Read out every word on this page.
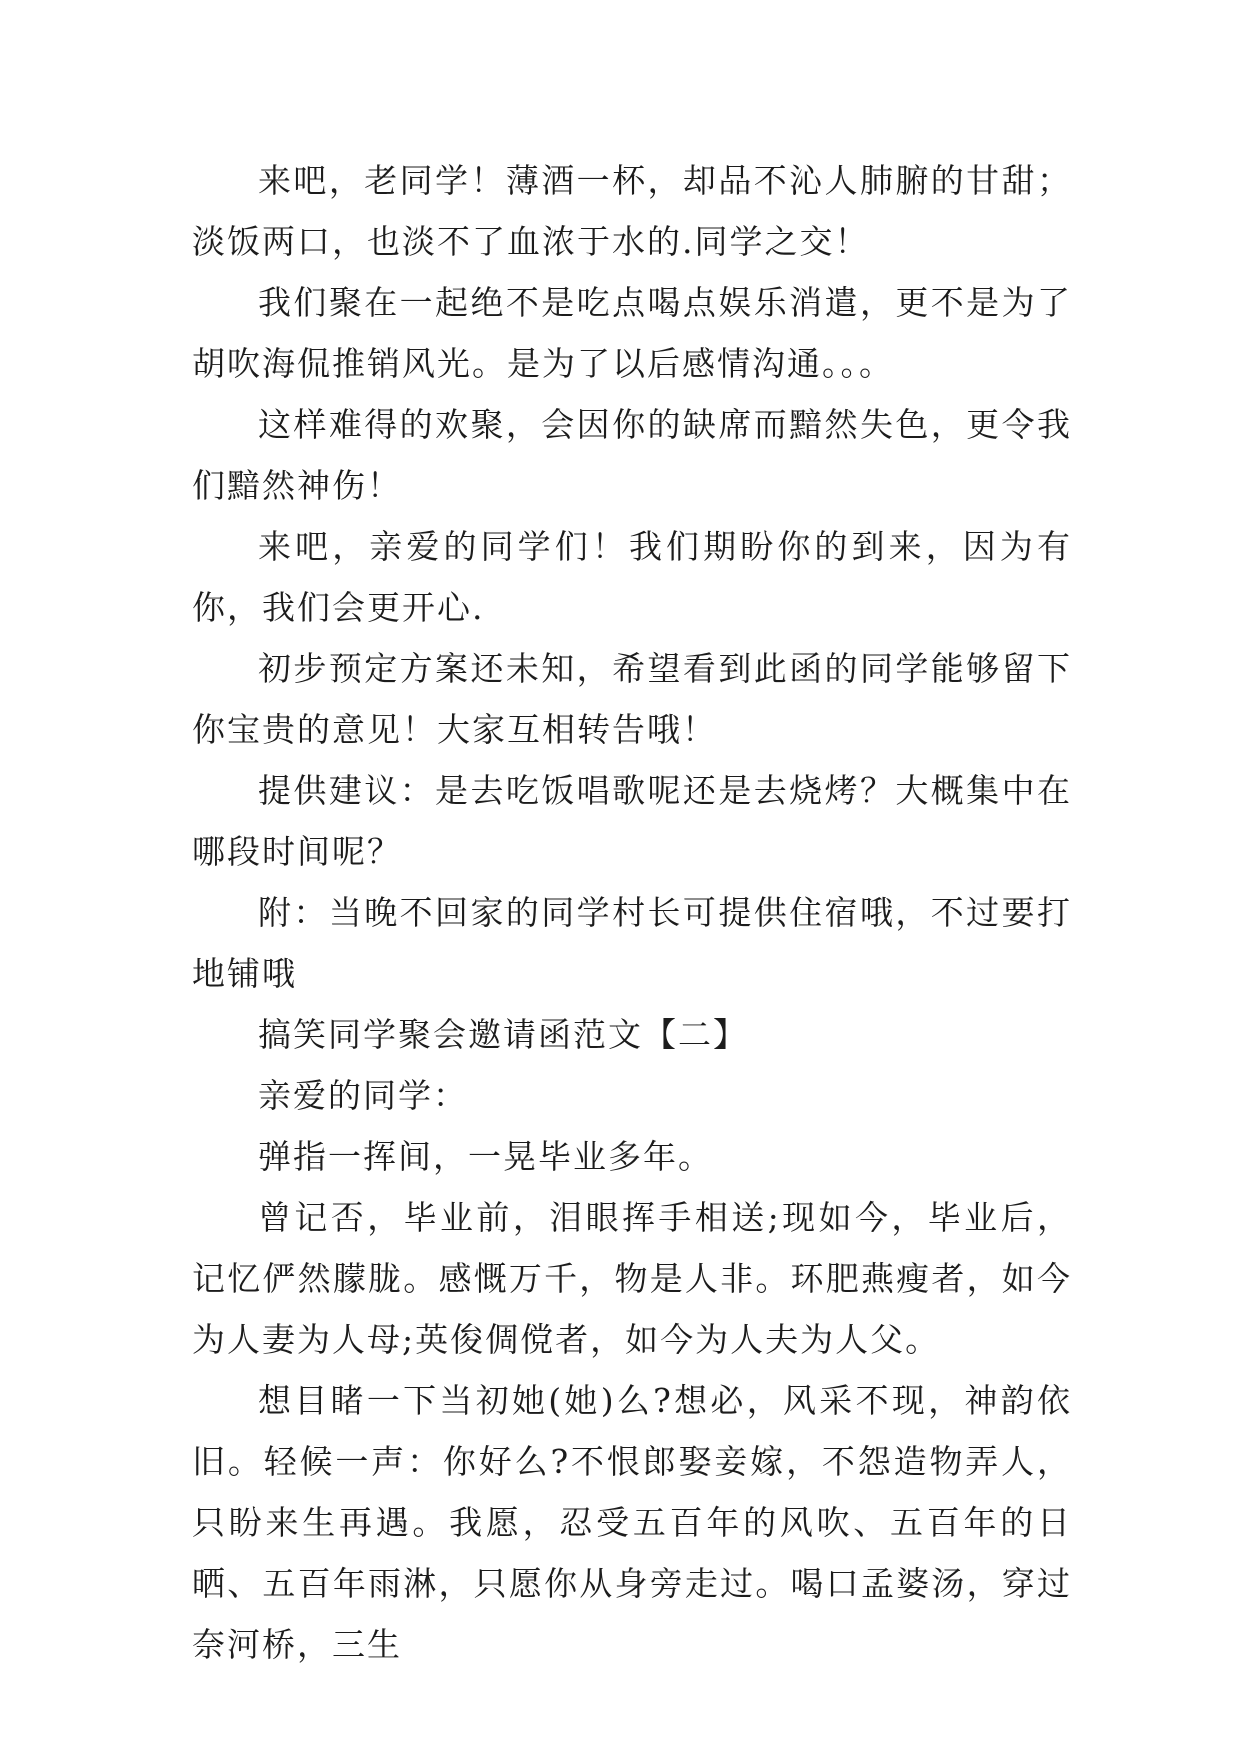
来吧，老同学！薄酒一杯，却品不沁人肺腑的甘甜；淡饭两口，也淡不了血浓于水的.同学之交！

我们聚在一起绝不是吃点喝点娱乐消遣，更不是为了胡吹海侃推销风光。是为了以后感情沟通。。。

这样难得的欢聚，会因你的缺席而黯然失色，更令我们黯然神伤！

来吧，亲爱的同学们！我们期盼你的到来，因为有你，我们会更开心.

初步预定方案还未知，希望看到此函的同学能够留下你宝贵的意见！大家互相转告哦！

提供建议：是去吃饭唱歌呢还是去烧烤？大概集中在哪段时间呢？

附：当晚不回家的同学村长可提供住宿哦，不过要打地铺哦

搞笑同学聚会邀请函范文【二】

亲爱的同学：

弹指一挥间，一晃毕业多年。

曾记否，毕业前，泪眼挥手相送;现如今，毕业后，记忆俨然朦胧。感慨万千，物是人非。环肥燕瘦者，如今为人妻为人母;英俊倜傥者，如今为人夫为人父。

想目睹一下当初她(她)么?想必，风采不现，神韵依旧。轻候一声：你好么?不恨郎娶妾嫁，不怨造物弄人，只盼来生再遇。我愿，忍受五百年的风吹、五百年的日晒、五百年雨淋，只愿你从身旁走过。喝口孟婆汤，穿过奈河桥，三生
